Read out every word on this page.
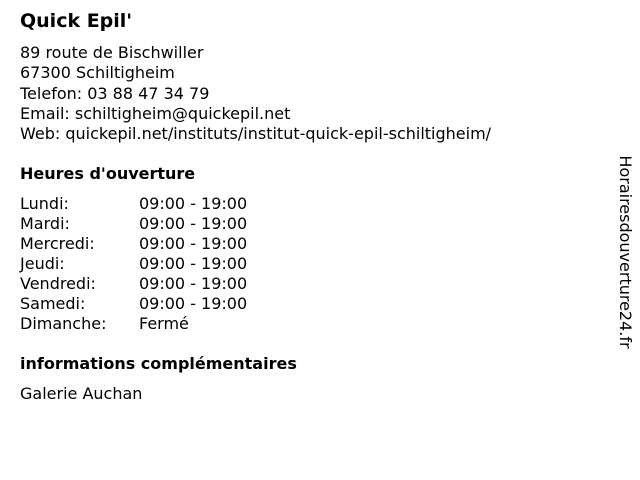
Quick Epil'
89 route de Bischwiller
67300 Schiltigheim
Telefon: 03 88 47 34 79
Email: schiltigheim@quickepil.net
Web: quickepil.net/instituts/institut-quick-epil-schiltigheim/
Heures d'ouverture
Lundi:	09:00 - 19:00
Mardi:	09:00 - 19:00
Mercredi:	09:00 - 19:00
Jeudi:	09:00 - 19:00
Vendredi:	09:00 - 19:00
Samedi:	09:00 - 19:00
Dimanche:	Fermé
informations complémentaires
Galerie Auchan
Horairesdouverture24.fr
